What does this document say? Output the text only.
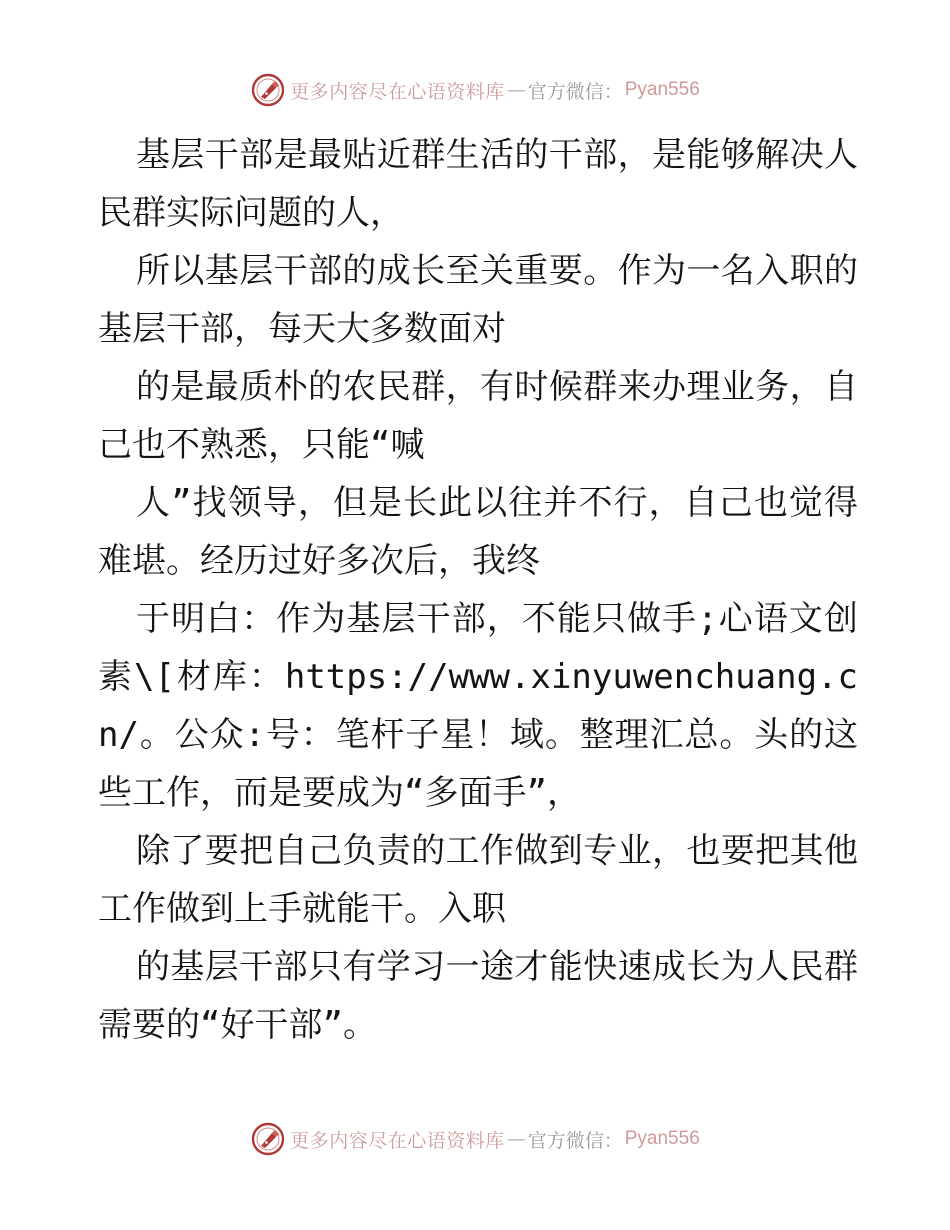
更多内容尽在心语资料库 — 官方微信： Pyan556

基层干部是最贴近群生活的干部，是能够解决人民群实际问题的人，

所以基层干部的成长至关重要。作为一名入职的基层干部，每天大多数面对

的是最质朴的农民群，有时候群来办理业务，自己也不熟悉，只能“喊

人”找领导，但是长此以往并不行，自己也觉得难堪。经历过好多次后，我终

于明白：作为基层干部，不能只做手;心语文创素\[材库：https://www.xinyuwenchuang.cn/。公众:号：笔杆子星！域。整理汇总。头的这些工作，而是要成为“多面手”，

除了要把自己负责的工作做到专业，也要把其他工作做到上手就能干。入职

的基层干部只有学习一途才能快速成长为人民群需要的“好干部”。

更多内容尽在心语资料库 — 官方微信： Pyan556
